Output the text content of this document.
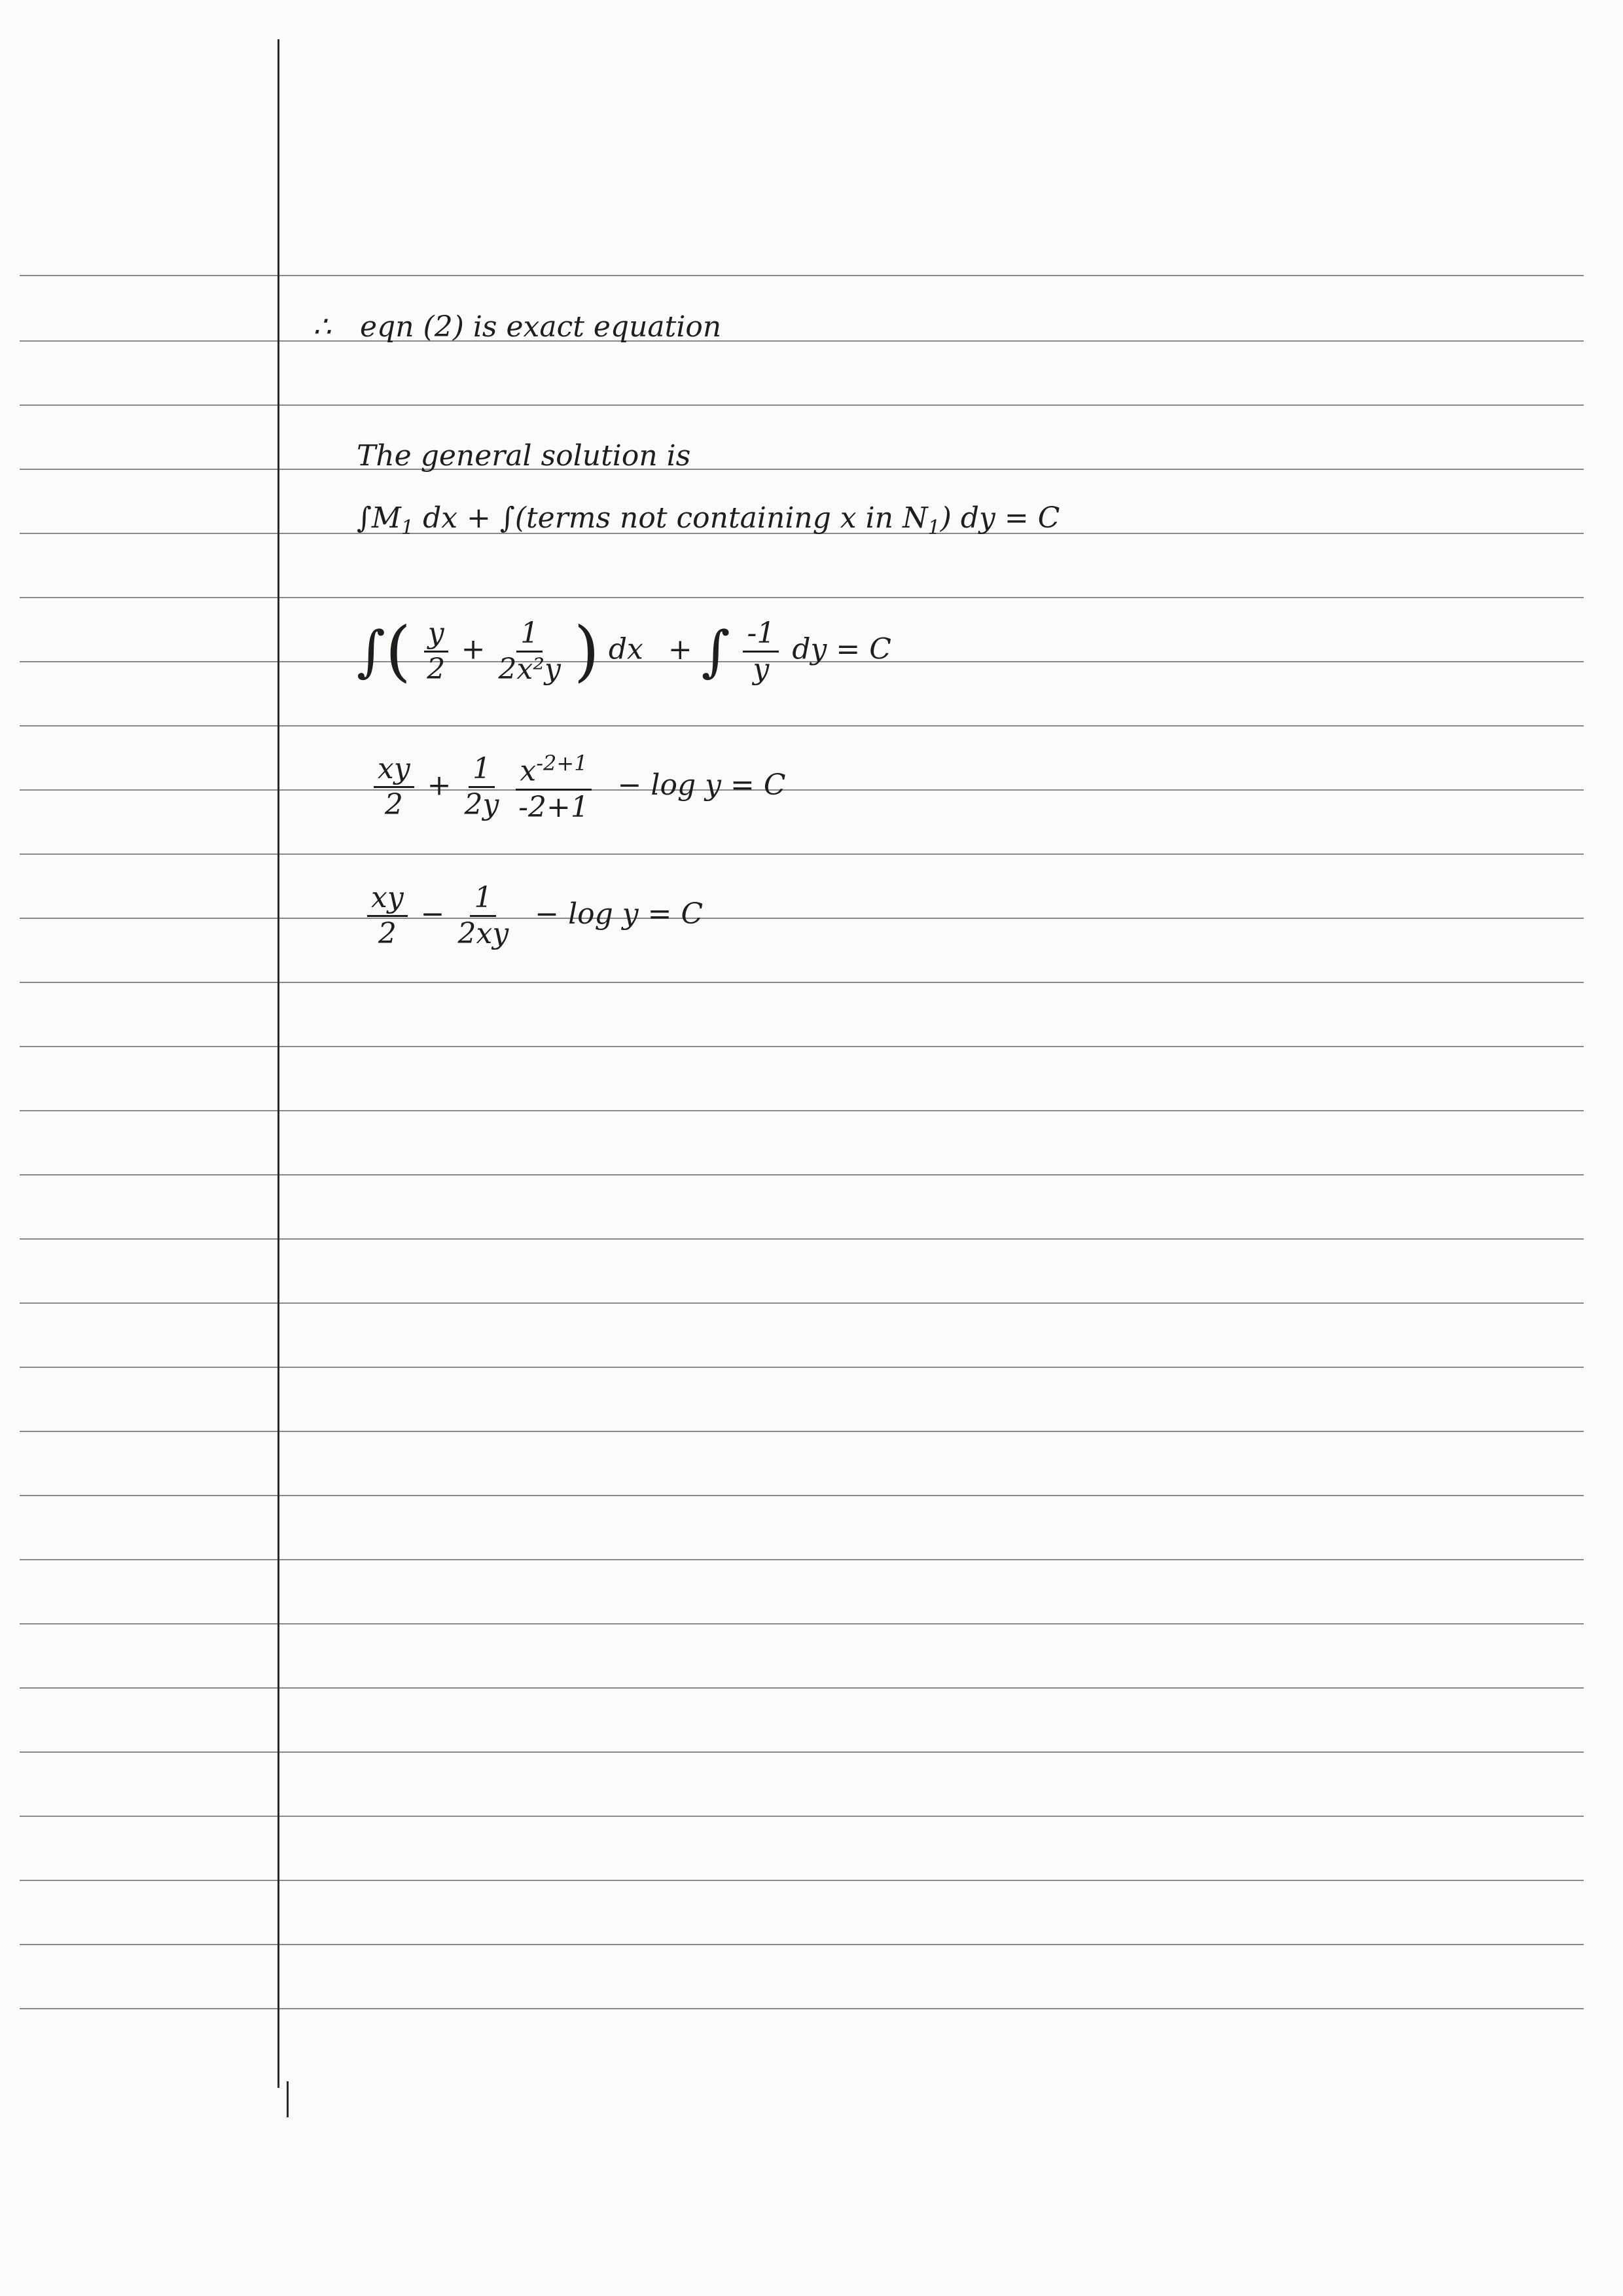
∴ eqn (2) is exact equation
The general solution is
$\int M_1$ dx + ∫(terms not containing x in $N_1$) dy = C
∫( $\frac{y}{2} + \frac{1}{\text{2x²y}}$ ) dx + ∫ $\frac{-1}{y}$ dy = C
$\frac{xy}{2} + \frac{1}{2y}$
$\frac{x^{-2+1}}{-2+1} - \log y = C$
$\frac{xy}{2} - \frac{1}{2xy} - \log y = C$
